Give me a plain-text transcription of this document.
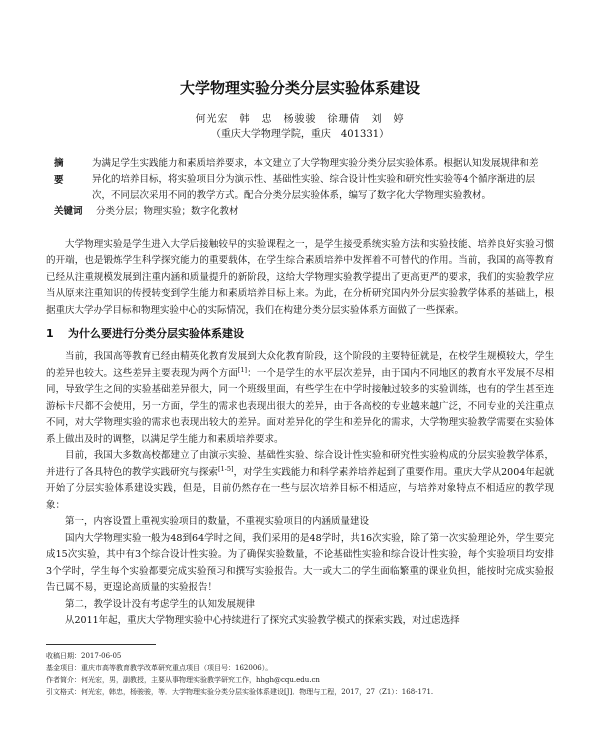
大学物理实验分类分层实验体系建设
何光宏　韩　忠　杨骏骏　徐珊倩　刘　婷
（重庆大学物理学院，重庆　401331）
摘　要
为满足学生实践能力和素质培养要求，本文建立了大学物理实验分类分层实验体系。根据认知发展规律和差异化的培养目标，将实验项目分为演示性、基础性实验、综合设计性实验和研究性实验等4个循序渐进的层次，不同层次采用不同的教学方式。配合分类分层实验体系，编写了数字化大学物理实验教材。
关键词	分类分层；物理实验；数字化教材

大学物理实验是学生进入大学后接触较早的实验课程之一，是学生接受系统实验方法和实验技能、培养良好实验习惯的开端，也是锻炼学生科学探究能力的重要载体，在学生综合素质培养中发挥着不可替代的作用。当前，我国的高等教育已经从注重规模发展到注重内涵和质量提升的新阶段，这给大学物理实验教学提出了更高更严的要求，我们的实验教学应当从原来注重知识的传授转变到学生能力和素质培养目标上来。为此，在分析研究国内外分层实验教学体系的基础上，根据重庆大学办学目标和物理实验中心的实际情况，我们在构建分类分层实验体系方面做了一些探索。

1 为什么要进行分类分层实验体系建设

当前，我国高等教育已经由精英化教育发展到大众化教育阶段，这个阶段的主要特征就是，在校学生规模较大，学生的差异也较大。这些差异主要表现为两个方面[1]：一个是学生的水平层次差异，由于国内不同地区的教育水平发展不尽相同，导致学生之间的实验基础差异很大，同一个班级里面，有些学生在中学时接触过较多的实验训练，也有的学生甚至连游标卡尺都不会使用，另一方面，学生的需求也表现出很大的差异，由于各高校的专业越来越广泛，不同专业的关注重点不同，对大学物理实验的需求也表现出较大的差异。面对差异化的学生和差异化的需求，大学物理实验教学需要在实验体系上做出及时的调整，以满足学生能力和素质培养要求。

目前，我国大多数高校都建立了由演示实验、基础性实验、综合设计性实验和研究性实验构成的分层实验教学体系，并进行了各具特色的教学实践研究与探索[1-5]，对学生实践能力和科学素养培养起到了重要作用。重庆大学从2004年起就开始了分层实验体系建设实践，但是，目前仍然存在一些与层次培养目标不相适应，与培养对象特点不相适应的教学现象：

第一，内容设置上重视实验项目的数量，不重视实验项目的内涵质量建设

国内大学物理实验一般为48到64学时之间，我们采用的是48学时，共16次实验，除了第一次实验理论外，学生要完成15次实验，其中有3个综合设计性实验。为了确保实验数量，不论基础性实验和综合设计性实验，每个实验项目均安排3个学时，学生每个实验都要完成实验预习和撰写实验报告。大一或大二的学生面临繁重的课业负担，能按时完成实验报告已属不易，更遑论高质量的实验报告！

第二，教学设计没有考虑学生的认知发展规律

从2011年起，重庆大学物理实验中心持续进行了探究式实验教学模式的探索实践，对过虑选择

收稿日期：2017-06-05
基金项目：重庆市高等教育教学改革研究重点项目（项目号：162006）。
作者简介：何光宏，男，副教授，主要从事物理实验教学研究工作，hhgh@cqu.edu.cn
引文格式：何光宏，韩忠，杨骏骏，等．大学物理实验分类分层实验体系建设[J]．物理与工程，2017，27（Z1）：168-171.
